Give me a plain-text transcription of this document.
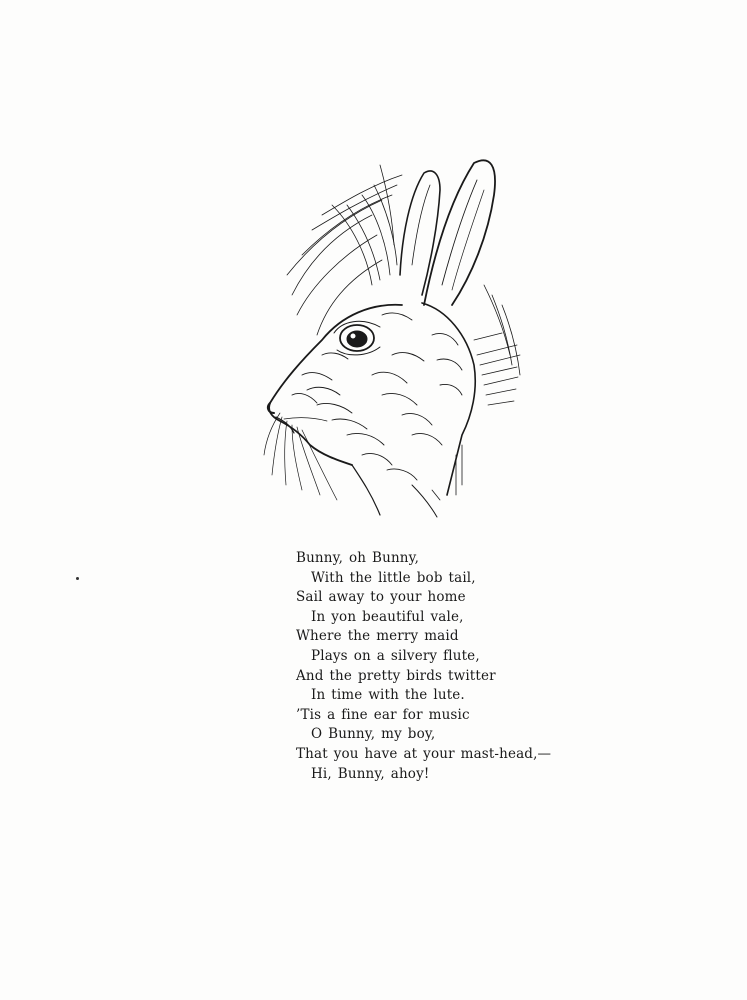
Bunny, oh Bunny,
With the little bob tail,
Sail away to your home
In yon beautiful vale,
Where the merry maid
Plays on a silvery flute,
And the pretty birds twitter
In time with the lute.
’Tis a fine ear for music
O Bunny, my boy,
That you have at your mast-head,—
Hi, Bunny, ahoy!
